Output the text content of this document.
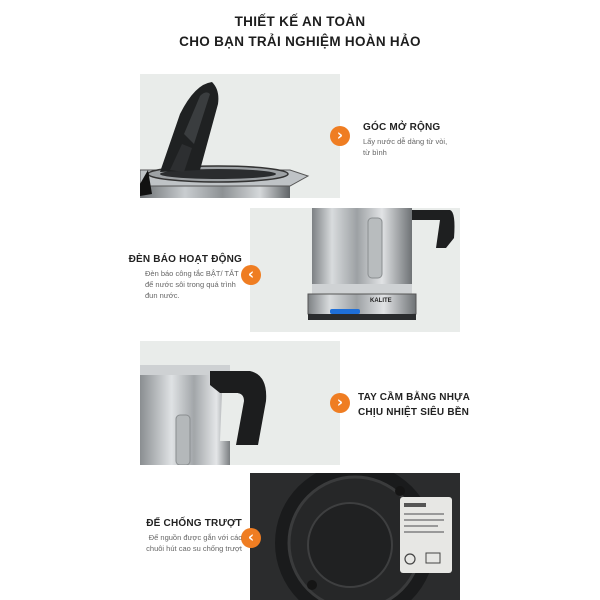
THIẾT KẾ AN TOÀN
CHO BẠN TRẢI NGHIỆM HOÀN HẢO
›	GÓC MỞ RỘNG
Lấy nước dễ dàng từ vòi, từ bình
KALITE
‹
ĐÈN BÁO HOẠT ĐỘNG
Đèn báo công tắc BẬT/ TẮT để nước sôi trong quá trình đun nước.
›	TAY CẦM BẰNG NHỰA
CHỊU NHIỆT SIÊU BỀN
‹
ĐẾ CHỐNG TRƯỢT
Đế nguồn được gắn với các chuôi hút cao su chống trượt
